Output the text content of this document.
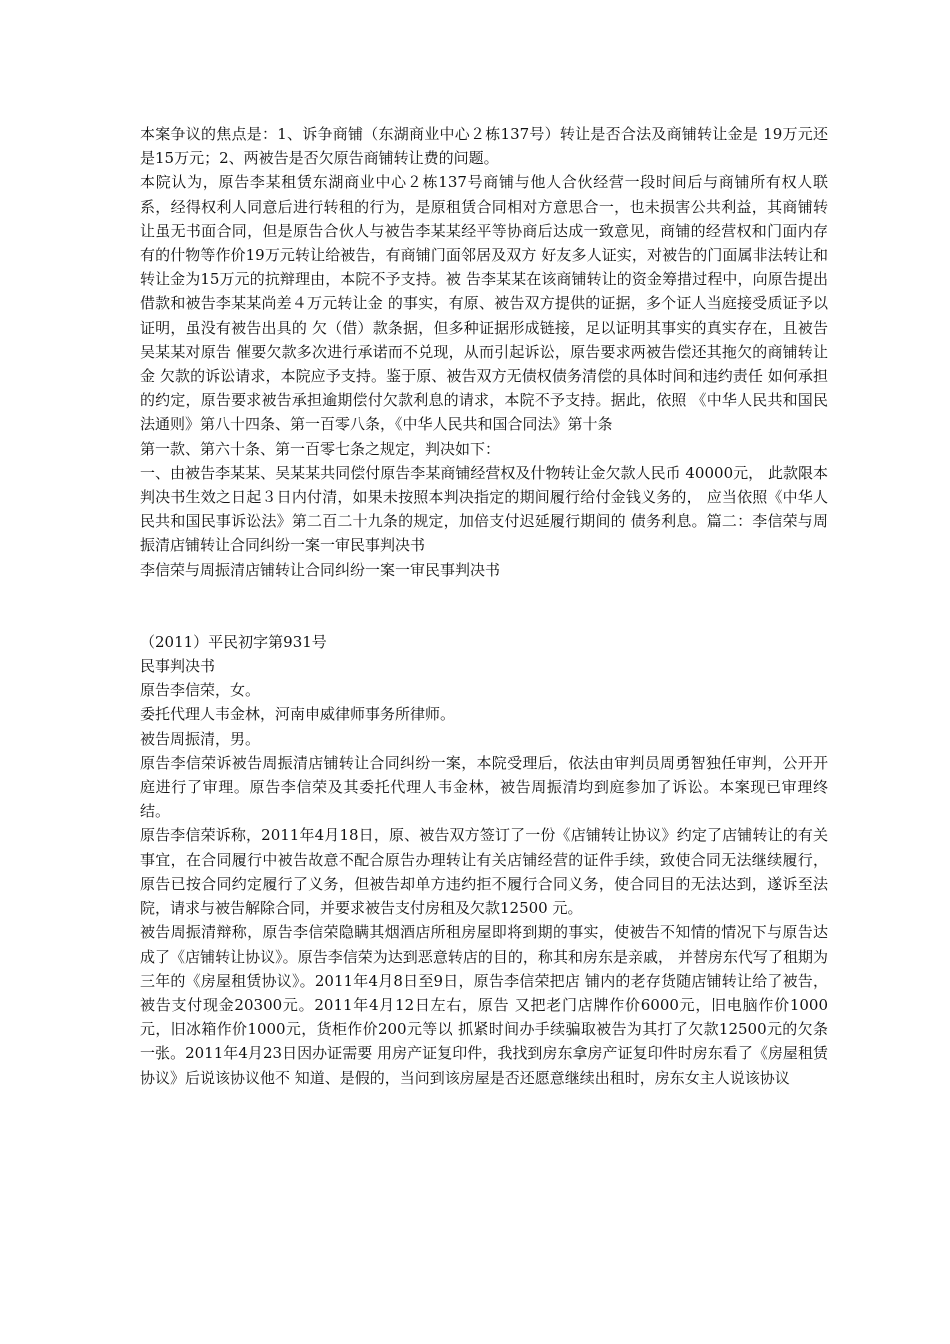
本案争议的焦点是：1、诉争商铺（东湖商业中心２栋137号）转让是否合法及商铺转让金是 19万元还是15万元；2、两被告是否欠原告商铺转让费的问题。

本院认为，原告李某租赁东湖商业中心２栋137号商铺与他人合伙经营一段时间后与商铺所有权人联系，经得权利人同意后进行转租的行为，是原租赁合同相对方意思合一，也未损害公共利益，其商铺转让虽无书面合同，但是原告合伙人与被告李某某经平等协商后达成一致意见，商铺的经营权和门面内存有的什物等作价19万元转让给被告，有商铺门面邻居及双方 好友多人证实，对被告的门面属非法转让和转让金为15万元的抗辩理由，本院不予支持。被 告李某某在该商铺转让的资金筹措过程中，向原告提出借款和被告李某某尚差４万元转让金 的事实，有原、被告双方提供的证据，多个证人当庭接受质证予以证明，虽没有被告出具的 欠（借）款条据，但多种证据形成链接，足以证明其事实的真实存在，且被告吴某某对原告 催要欠款多次进行承诺而不兑现，从而引起诉讼，原告要求两被告偿还其拖欠的商铺转让金 欠款的诉讼请求，本院应予支持。鉴于原、被告双方无债权债务清偿的具体时间和违约责任 如何承担的约定，原告要求被告承担逾期偿付欠款利息的请求，本院不予支持。据此，依照 《中华人民共和国民法通则》第八十四条、第一百零八条，《中华人民共和国合同法》第十条

第一款、第六十条、第一百零七条之规定，判决如下：

一、由被告李某某、吴某某共同偿付原告李某商铺经营权及什物转让金欠款人民币 40000元， 此款限本判决书生效之日起３日内付清，如果未按照本判决指定的期间履行给付金钱义务的， 应当依照《中华人民共和国民事诉讼法》第二百二十九条的规定，加倍支付迟延履行期间的 债务利息。篇二：李信荣与周振清店铺转让合同纠纷一案一审民事判决书

李信荣与周振清店铺转让合同纠纷一案一审民事判决书

（2011）平民初字第931号

民事判决书

原告李信荣，女。

委托代理人韦金林，河南申威律师事务所律师。

被告周振清，男。

原告李信荣诉被告周振清店铺转让合同纠纷一案，本院受理后，依法由审判员周勇智独任审判，公开开庭进行了审理。原告李信荣及其委托代理人韦金林，被告周振清均到庭参加了诉讼。本案现已审理终结。

原告李信荣诉称，2011年4月18日，原、被告双方签订了一份《店铺转让协议》约定了店铺转让的有关事宜，在合同履行中被告故意不配合原告办理转让有关店铺经营的证件手续，致使合同无法继续履行，原告已按合同约定履行了义务，但被告却单方违约拒不履行合同义务，使合同目的无法达到，遂诉至法院，请求与被告解除合同，并要求被告支付房租及欠款12500 元。

被告周振清辩称，原告李信荣隐瞒其烟酒店所租房屋即将到期的事实，使被告不知情的情况下与原告达成了《店铺转让协议》。原告李信荣为达到恶意转店的目的，称其和房东是亲戚， 并替房东代写了租期为三年的《房屋租赁协议》。2011年4月8日至9日，原告李信荣把店 铺内的老存货随店铺转让给了被告，被告支付现金20300元。2011年4月12日左右，原告 又把老门店牌作价6000元，旧电脑作价1000元，旧冰箱作价1000元，货柜作价200元等以 抓紧时间办手续骗取被告为其打了欠款12500元的欠条一张。2011年4月23日因办证需要 用房产证复印件，我找到房东拿房产证复印件时房东看了《房屋租赁协议》后说该协议他不 知道、是假的，当问到该房屋是否还愿意继续出租时，房东女主人说该协议
